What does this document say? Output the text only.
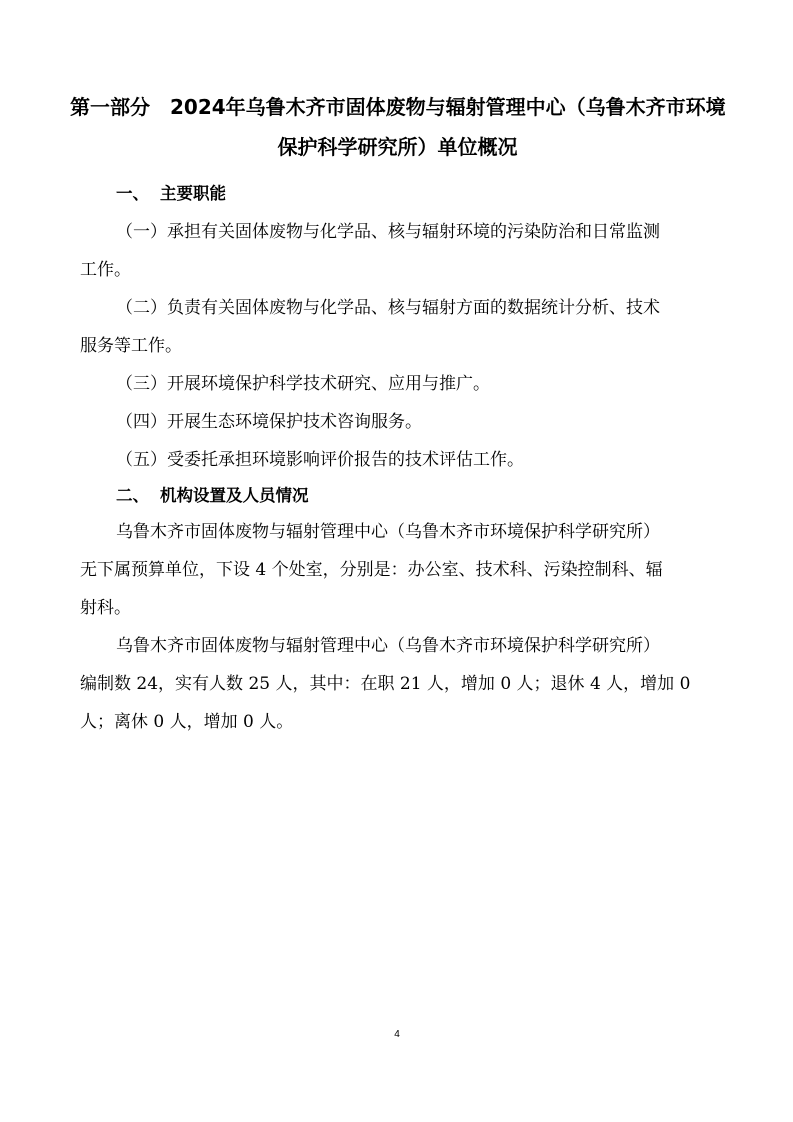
第一部分　2024年乌鲁木齐市固体废物与辐射管理中心（乌鲁木齐市环境
保护科学研究所）单位概况
一、 主要职能
（一）承担有关固体废物与化学品、核与辐射环境的污染防治和日常监测
工作。
（二）负责有关固体废物与化学品、核与辐射方面的数据统计分析、技术
服务等工作。
（三）开展环境保护科学技术研究、应用与推广。
（四）开展生态环境保护技术咨询服务。
（五）受委托承担环境影响评价报告的技术评估工作。
二、 机构设置及人员情况
乌鲁木齐市固体废物与辐射管理中心（乌鲁木齐市环境保护科学研究所）
无下属预算单位，下设 4 个处室，分别是：办公室、技术科、污染控制科、辐
射科。
乌鲁木齐市固体废物与辐射管理中心（乌鲁木齐市环境保护科学研究所）
编制数 24，实有人数 25 人，其中：在职 21 人，增加 0 人；退休 4 人，增加 0
人；离休 0 人，增加 0 人。
4
